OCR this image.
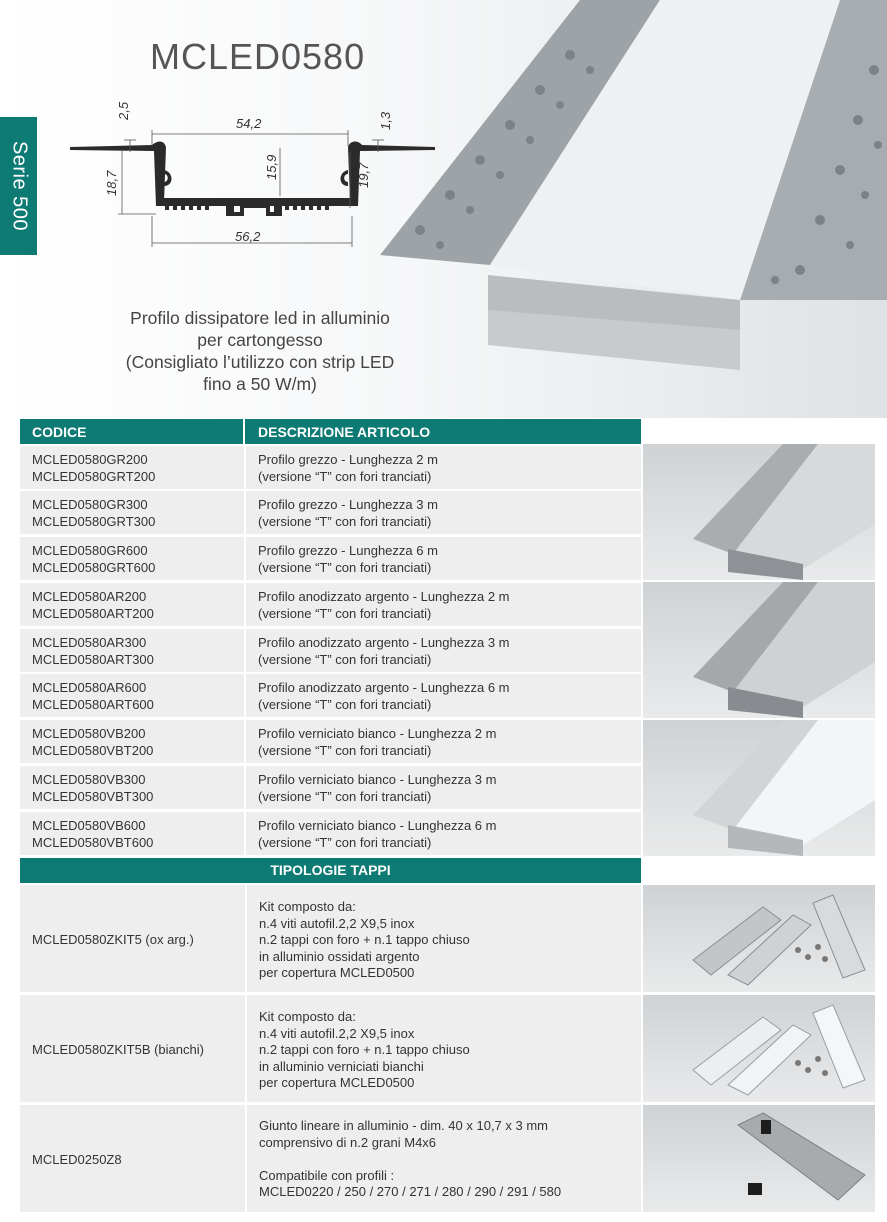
Serie 500
MCLED0580
54,2
56,2
2,5
1,3
18,7
15,9	19,7
Profilo dissipatore led in alluminio
per cartongesso
(Consigliato l’utilizzo con strip LED
fino a 50 W/m)
CODICE	DESCRIZIONE ARTICOLO
MCLED0580GR200
MCLED0580GRT200
Profilo grezzo - Lunghezza 2 m
(versione “T” con fori tranciati)
MCLED0580GR300
MCLED0580GRT300
Profilo grezzo - Lunghezza 3 m
(versione “T” con fori tranciati)
MCLED0580GR600
MCLED0580GRT600
Profilo grezzo - Lunghezza 6 m
(versione “T” con fori tranciati)
MCLED0580AR200
MCLED0580ART200
Profilo anodizzato argento - Lunghezza 2 m
(versione “T” con fori tranciati)
MCLED0580AR300
MCLED0580ART300
Profilo anodizzato argento - Lunghezza 3 m
(versione “T” con fori tranciati)
MCLED0580AR600
MCLED0580ART600
Profilo anodizzato argento - Lunghezza 6 m
(versione “T” con fori tranciati)
MCLED0580VB200
MCLED0580VBT200
Profilo verniciato bianco - Lunghezza 2 m
(versione “T” con fori tranciati)
MCLED0580VB300
MCLED0580VBT300
Profilo verniciato bianco - Lunghezza 3 m
(versione “T” con fori tranciati)
MCLED0580VB600
MCLED0580VBT600
Profilo verniciato bianco - Lunghezza 6 m
(versione “T” con fori tranciati)
TIPOLOGIE TAPPI
MCLED0580ZKIT5 (ox arg.)
Kit composto da:
n.4 viti autofil.2,2 X9,5 inox
n.2 tappi con foro + n.1 tappo chiuso
in alluminio ossidati argento
per copertura MCLED0500
MCLED0580ZKIT5B (bianchi)
Kit composto da:
n.4 viti autofil.2,2 X9,5 inox
n.2 tappi con foro + n.1 tappo chiuso
in alluminio verniciati bianchi
per copertura MCLED0500
MCLED0250Z8
Giunto lineare in alluminio - dim. 40 x 10,7 x 3 mm
comprensivo di n.2 grani M4x6

Compatibile con profili :
MCLED0220 / 250 / 270 / 271 / 280 / 290 / 291 / 580
